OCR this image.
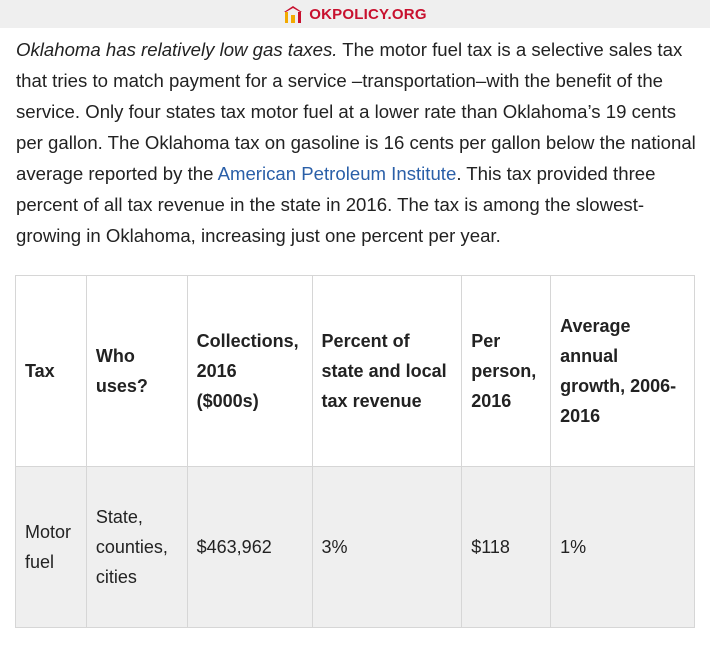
OKPOLICY.ORG

Oklahoma has relatively low gas taxes. The motor fuel tax is a selective sales tax that tries to match payment for a service –transportation–with the benefit of the service. Only four states tax motor fuel at a lower rate than Oklahoma’s 19 cents per gallon. The Oklahoma tax on gasoline is 16 cents per gallon below the national average reported by the American Petroleum Institute. This tax provided three percent of all tax revenue in the state in 2016. The tax is among the slowest-growing in Oklahoma, increasing just one percent per year.

Tax	Who uses?	Collections, 2016 ($000s)	Percent of state and local tax revenue	Per person, 2016	Average annual growth, 2006-2016
Motor fuel	State, counties, cities	$463,962	3%	$118	1%
